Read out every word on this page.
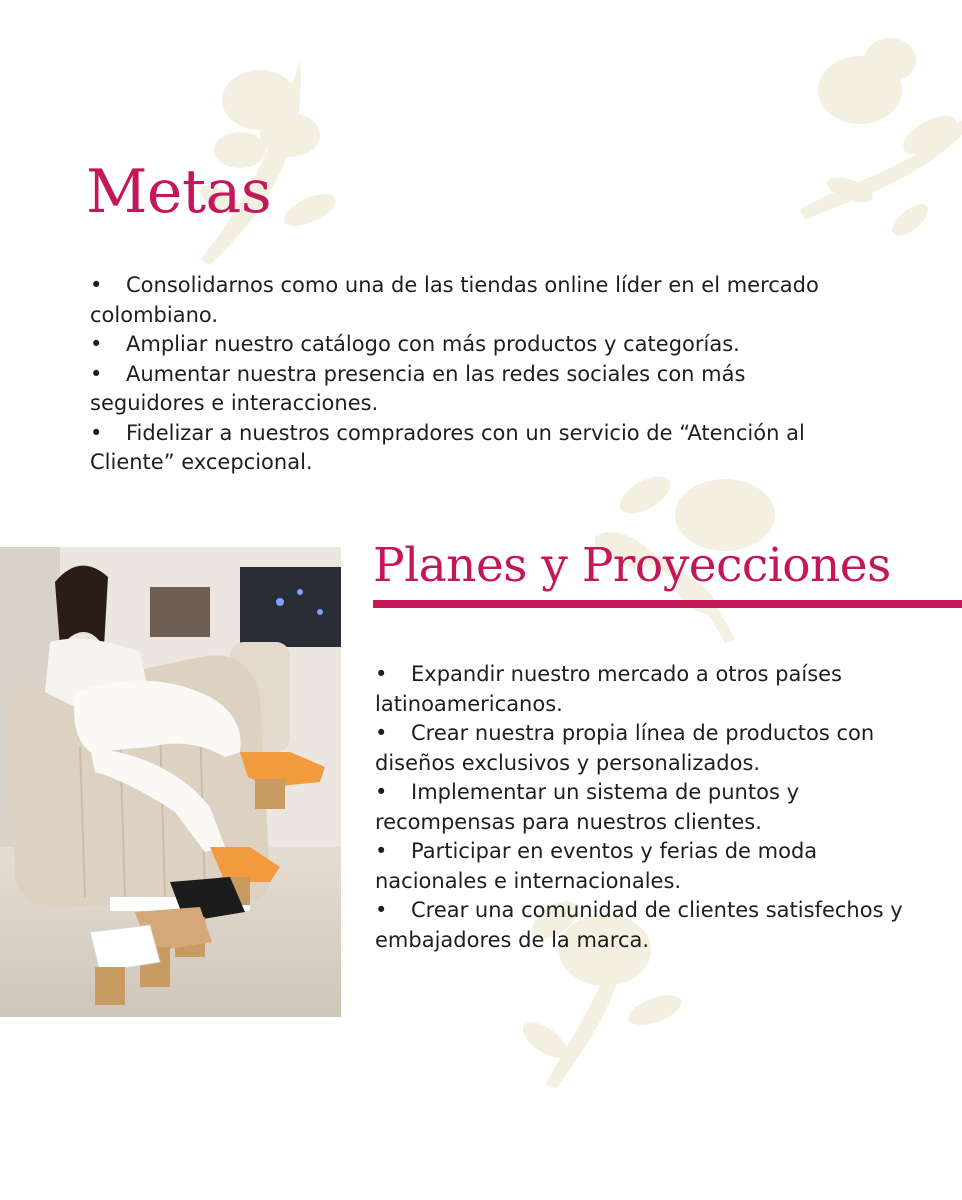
Metas
• Consolidarnos como una de las tiendas online líder en el mercado colombiano.
• Ampliar nuestro catálogo con más productos y categorías.
• Aumentar nuestra presencia en las redes sociales con más seguidores e interacciones.
• Fidelizar a nuestros compradores con un servicio de “Atención al Cliente” excepcional.
Planes y Proyecciones
• Expandir nuestro mercado a otros países latinoamericanos.
• Crear nuestra propia línea de productos con diseños exclusivos y personalizados.
• Implementar un sistema de puntos y recompensas para nuestros clientes.
• Participar en eventos y ferias de moda nacionales e internacionales.
• Crear una comunidad de clientes satisfechos y embajadores de la marca.
